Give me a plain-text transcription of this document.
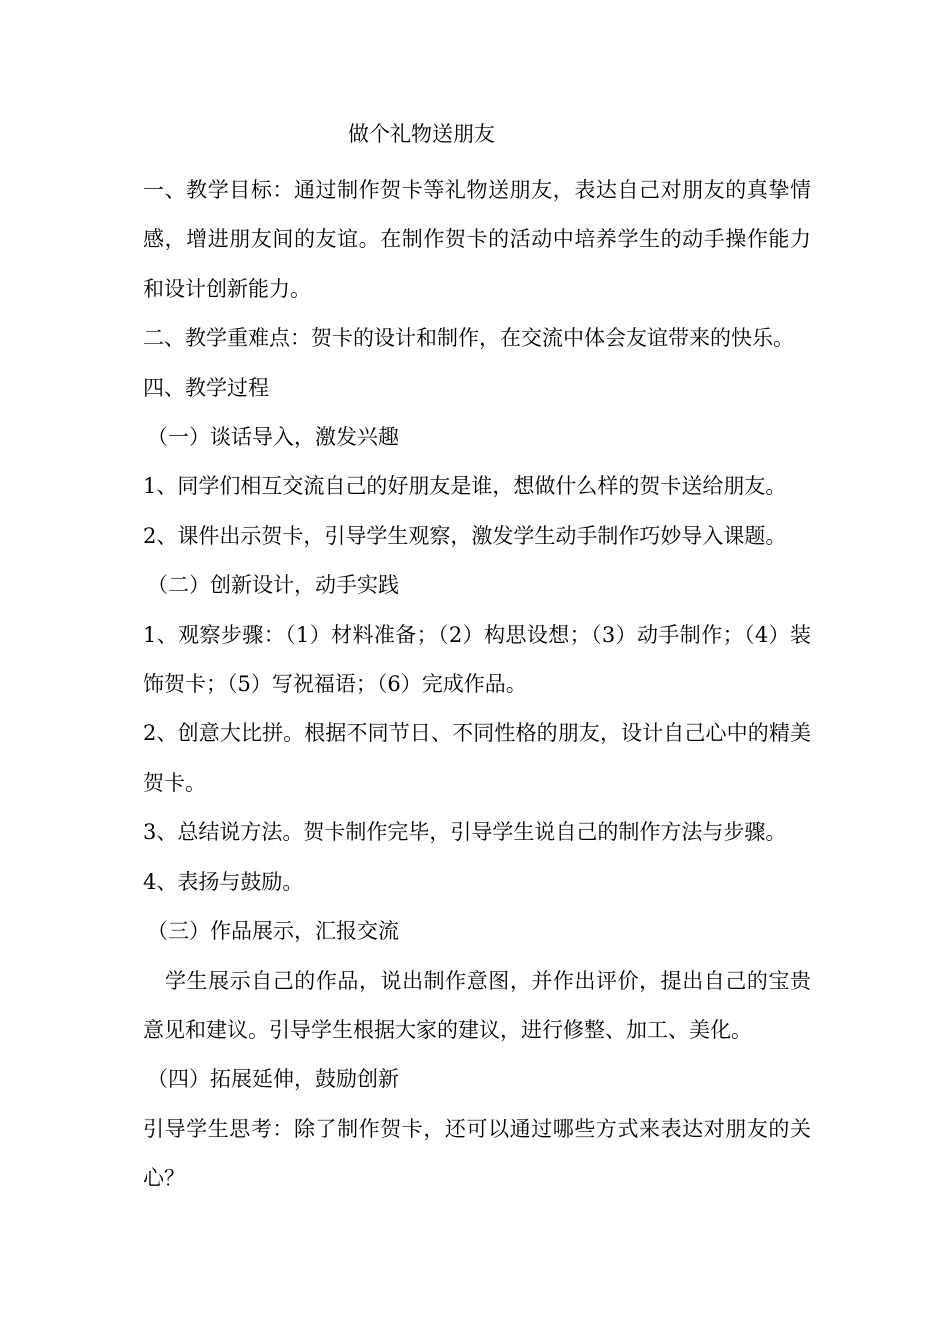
做个礼物送朋友

一、教学目标：通过制作贺卡等礼物送朋友，表达自己对朋友的真挚情感，增进朋友间的友谊。在制作贺卡的活动中培养学生的动手操作能力和设计创新能力。

二、教学重难点：贺卡的设计和制作，在交流中体会友谊带来的快乐。

四、教学过程

（一）谈话导入，激发兴趣

1、同学们相互交流自己的好朋友是谁，想做什么样的贺卡送给朋友。

2、课件出示贺卡，引导学生观察，激发学生动手制作巧妙导入课题。

（二）创新设计，动手实践

1、观察步骤：（1）材料准备；（2）构思设想；（3）动手制作；（4）装饰贺卡；（5）写祝福语；（6）完成作品。

2、创意大比拼。根据不同节日、不同性格的朋友，设计自己心中的精美贺卡。

3、总结说方法。贺卡制作完毕，引导学生说自己的制作方法与步骤。

4、表扬与鼓励。

（三）作品展示，汇报交流

学生展示自己的作品，说出制作意图，并作出评价，提出自己的宝贵意见和建议。引导学生根据大家的建议，进行修整、加工、美化。

（四）拓展延伸，鼓励创新

引导学生思考：除了制作贺卡，还可以通过哪些方式来表达对朋友的关心？
